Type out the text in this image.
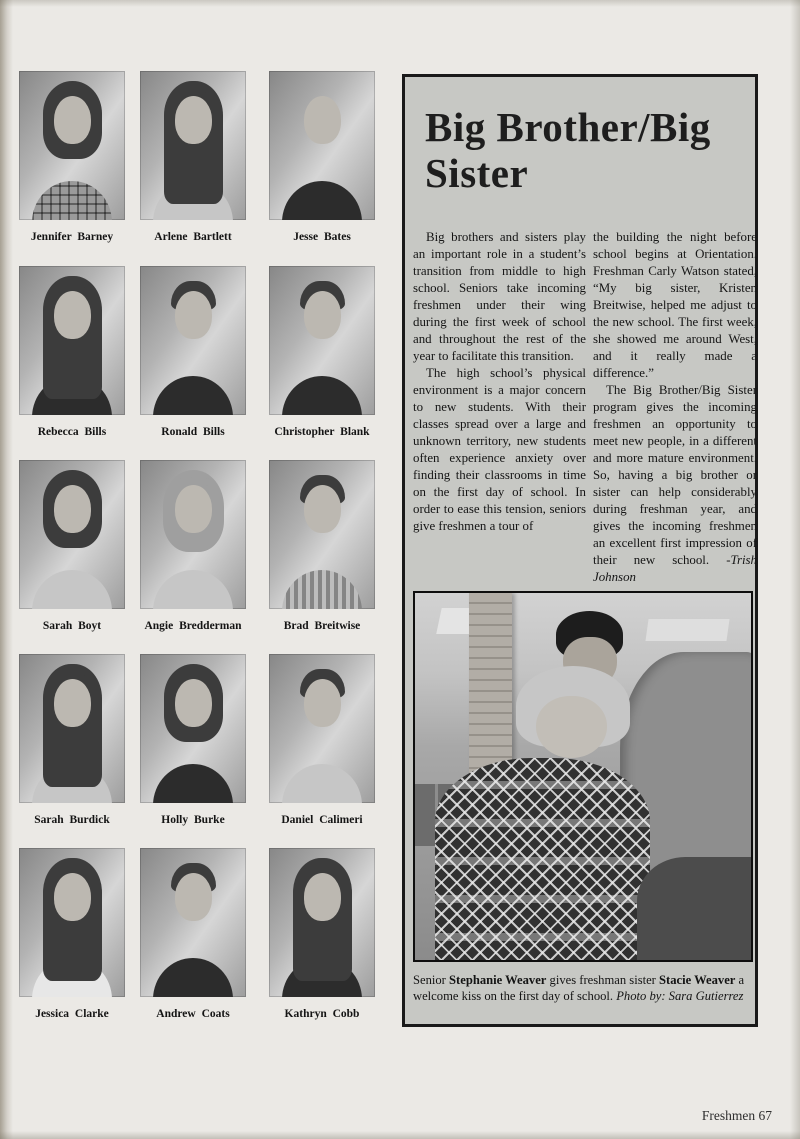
Jennifer Barney	Arlene Bartlett	Jesse Bates
Rebecca Bills	Ronald Bills	Christopher Blank
Sarah Boyt	Angie Bredderman	Brad Breitwise
Sarah Burdick	Holly Burke	Daniel Calimeri
Jessica Clarke	Andrew Coats	Kathryn Cobb
Big Brother/Big
Sister

Big brothers and sisters play an important role in a student’s transition from middle to high school. Seniors take incoming freshmen under their wing during the first week of school and throughout the rest of the year to facilitate this transition.

The high school’s physical environment is a major concern to new students. With their classes spread over a large and unknown territory, new students often experience anxiety over finding their classrooms in time on the first day of school. In order to ease this tension, seniors give freshmen a tour of

the building the night before school begins at Orientation. Freshman Carly Watson stated, “My big sister, Kristen Breitwise, helped me adjust to the new school. The first week, she showed me around West, and it really made a difference.”

The Big Brother/Big Sister program gives the incoming freshmen an opportunity to meet new people, in a different and more mature environment. So, having a big brother or sister can help considerably during freshman year, and gives the incoming freshmen an excellent first impression of their new school. -Trish Johnson

Senior Stephanie Weaver gives freshman sister Stacie Weaver a welcome kiss on the first day of school. Photo by: Sara Gutierrez
Freshmen 67
